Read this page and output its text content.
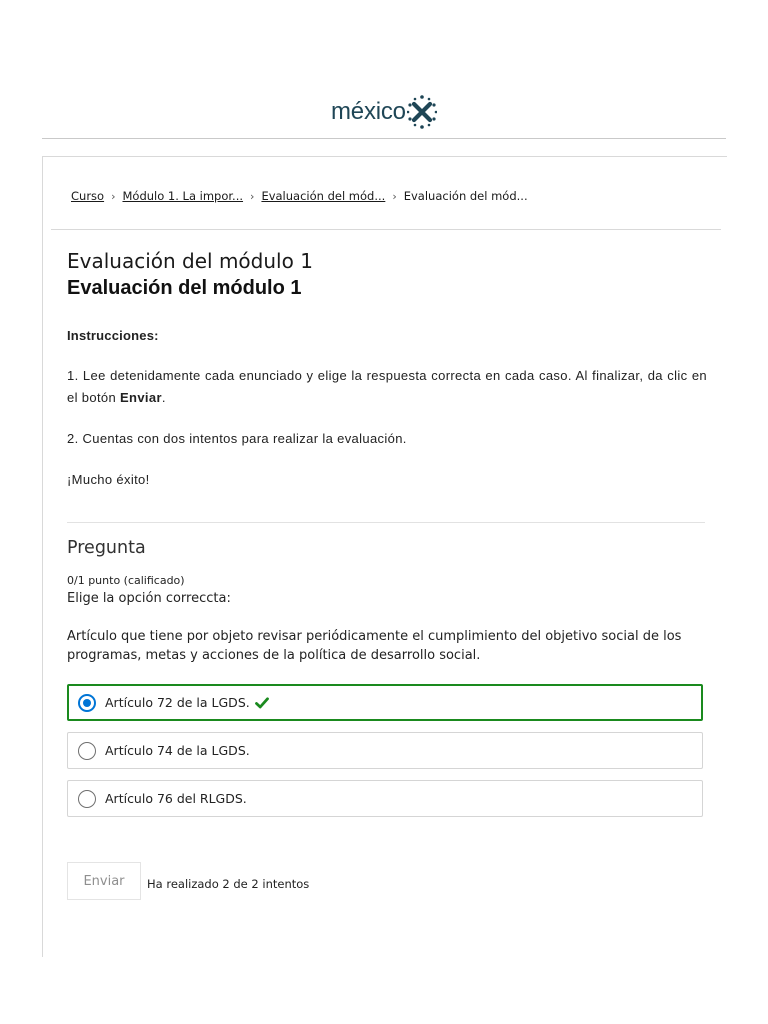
méxico
Curso › Módulo 1. La impor... › Evaluación del mód... › Evaluación del mód...
Evaluación del módulo 1
Evaluación del módulo 1
Instrucciones:
1. Lee detenidamente cada enunciado y elige la respuesta correcta en cada caso. Al finalizar, da clic en el botón Enviar.
2. Cuentas con dos intentos para realizar la evaluación.
¡Mucho éxito!
Pregunta
0/1 punto (calificado)
Elige la opción correccta:
Artículo que tiene por objeto revisar periódicamente el cumplimiento del objetivo social de los programas, metas y acciones de la política de desarrollo social.
Artículo 72 de la LGDS.
Artículo 74 de la LGDS.
Artículo 76 del RLGDS.
Enviar	Ha realizado 2 de 2 intentos
